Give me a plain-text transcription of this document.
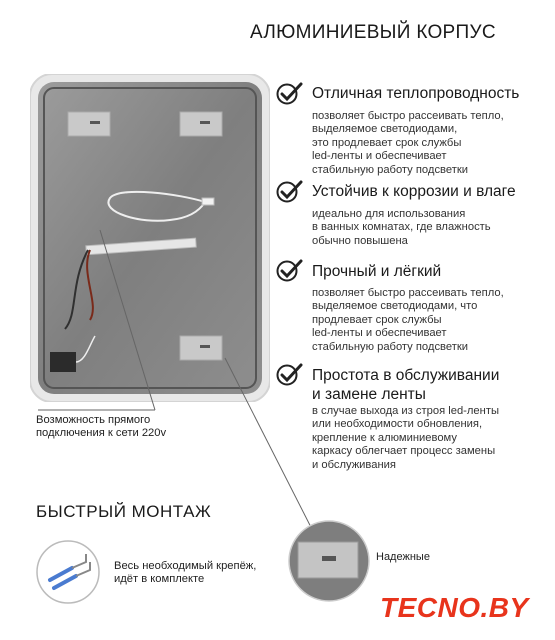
АЛЮМИНИЕВЫЙ КОРПУС
Отличная теплопроводность
позволяет быстро рассеивать тепло,
выделяемое светодиодами,
это продлевает срок службы
led-ленты и обеспечивает
стабильную работу подсветки
Устойчив к коррозии и влаге
идеально для использования
в ванных комнатах, где влажность
обычно повышена
Прочный и лёгкий
позволяет быстро рассеивать тепло,
выделяемое светодиодами, что
продлевает срок службы
led-ленты и обеспечивает
стабильную работу подсветки
Простота в обслуживании
и замене ленты
в случае выхода из строя led-ленты
или необходимости обновления,
крепление к алюминиевому
каркасу облегчает процесс замены
и обслуживания
Возможность прямого
подключения к сети 220v
БЫСТРЫЙ МОНТАЖ
Весь необходимый крепёж,
идёт в комплекте
Надежные
TECNO.BY
